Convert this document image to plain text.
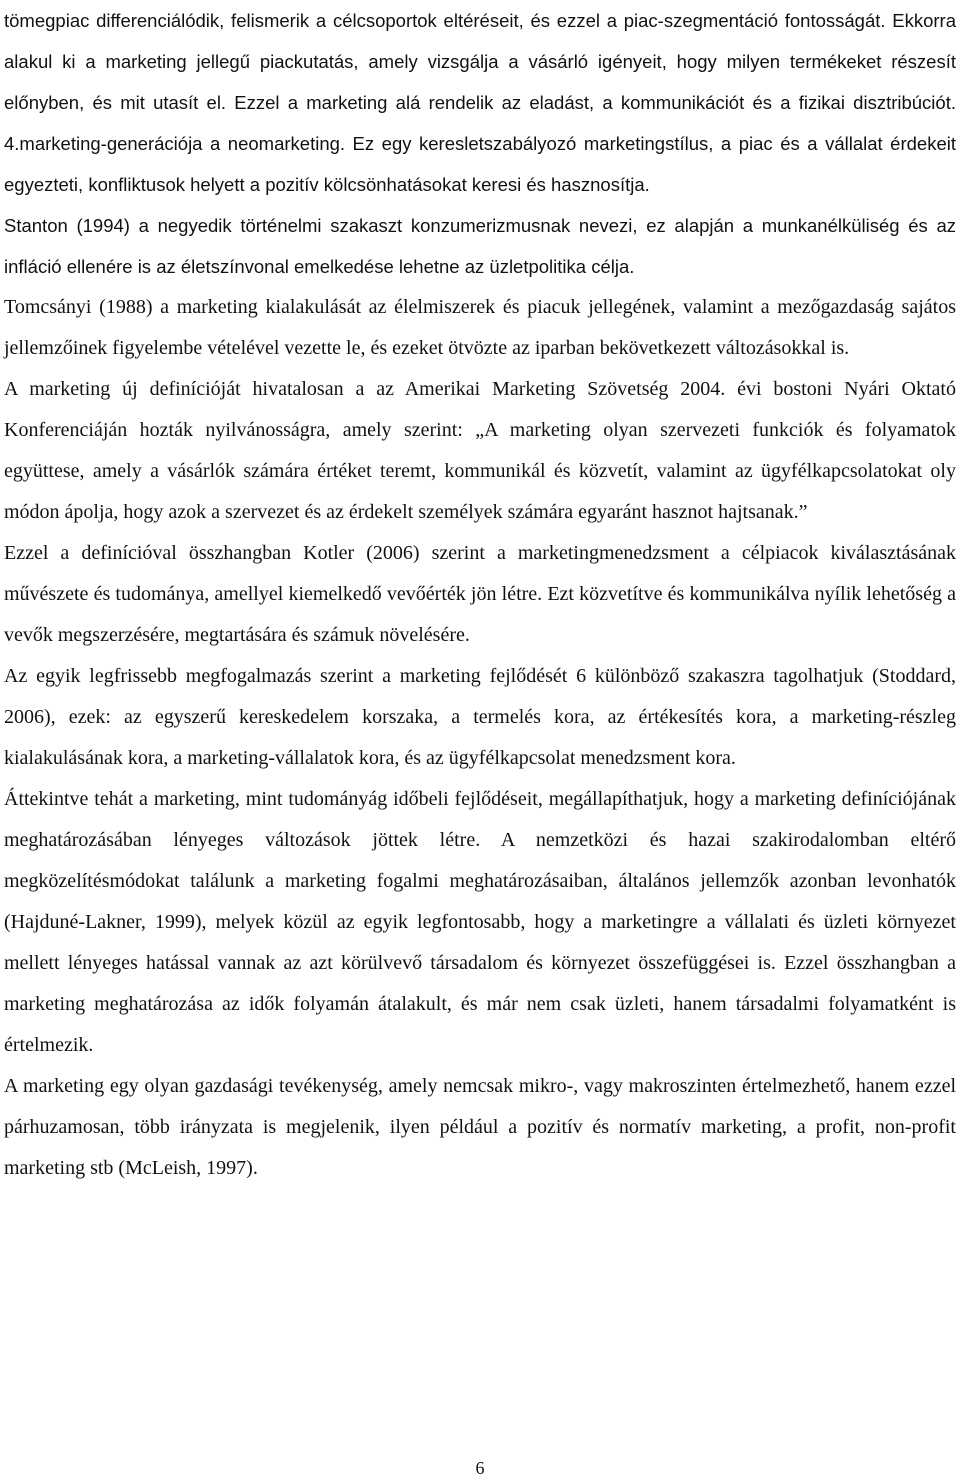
tömegpiac differenciálódik, felismerik a célcsoportok eltéréseit, és ezzel a piac-szegmentáció fontosságát. Ekkorra alakul ki a marketing jellegű piackutatás, amely vizsgálja a vásárló igényeit, hogy milyen termékeket részesít előnyben, és mit utasít el. Ezzel a marketing alá rendelik az eladást, a kommunikációt és a fizikai disztribúciót. 4.marketing-generációja a neomarketing. Ez egy keresletszabályozó marketingstílus, a piac és a vállalat érdekeit egyezteti, konfliktusok helyett a pozitív kölcsönhatásokat keresi és hasznosítja.

Stanton (1994) a negyedik történelmi szakaszt konzumerizmusnak nevezi, ez alapján a munkanélküliség és az infláció ellenére is az életszínvonal emelkedése lehetne az üzletpolitika célja.

Tomcsányi (1988) a marketing kialakulását az élelmiszerek és piacuk jellegének, valamint a mezőgazdaság sajátos jellemzőinek figyelembe vételével vezette le, és ezeket ötvözte az iparban bekövetkezett változásokkal is.

A marketing új definícióját hivatalosan a az Amerikai Marketing Szövetség 2004. évi bostoni Nyári Oktató Konferenciáján hozták nyilvánosságra, amely szerint: „A marketing olyan szervezeti funkciók és folyamatok együttese, amely a vásárlók számára értéket teremt, kommunikál és közvetít, valamint az ügyfélkapcsolatokat oly módon ápolja, hogy azok a szervezet és az érdekelt személyek számára egyaránt hasznot hajtsanak.”

Ezzel a definícióval összhangban Kotler (2006) szerint a marketingmenedzsment a célpiacok kiválasztásának művészete és tudománya, amellyel kiemelkedő vevőérték jön létre. Ezt közvetítve és kommunikálva nyílik lehetőség a vevők megszerzésére, megtartására és számuk növelésére.

Az egyik legfrissebb megfogalmazás szerint a marketing fejlődését 6 különböző szakaszra tagolhatjuk (Stoddard, 2006), ezek: az egyszerű kereskedelem korszaka, a termelés kora, az értékesítés kora, a marketing-részleg kialakulásának kora, a marketing-vállalatok kora, és az ügyfélkapcsolat menedzsment kora.

Áttekintve tehát a marketing, mint tudományág időbeli fejlődéseit, megállapíthatjuk, hogy a marketing definíciójának meghatározásában lényeges változások jöttek létre. A nemzetközi és hazai szakirodalomban eltérő megközelítésmódokat találunk a marketing fogalmi meghatározásaiban, általános jellemzők azonban levonhatók (Hajduné-Lakner, 1999), melyek közül az egyik legfontosabb, hogy a marketingre a vállalati és üzleti környezet mellett lényeges hatással vannak az azt körülvevő társadalom és környezet összefüggései is. Ezzel összhangban a marketing meghatározása az idők folyamán átalakult, és már nem csak üzleti, hanem társadalmi folyamatként is értelmezik.

A marketing egy olyan gazdasági tevékenység, amely nemcsak mikro-, vagy makroszinten értelmezhető, hanem ezzel párhuzamosan, több irányzata is megjelenik, ilyen például a pozitív és normatív marketing, a profit, non-profit marketing stb (McLeish, 1997).

6
